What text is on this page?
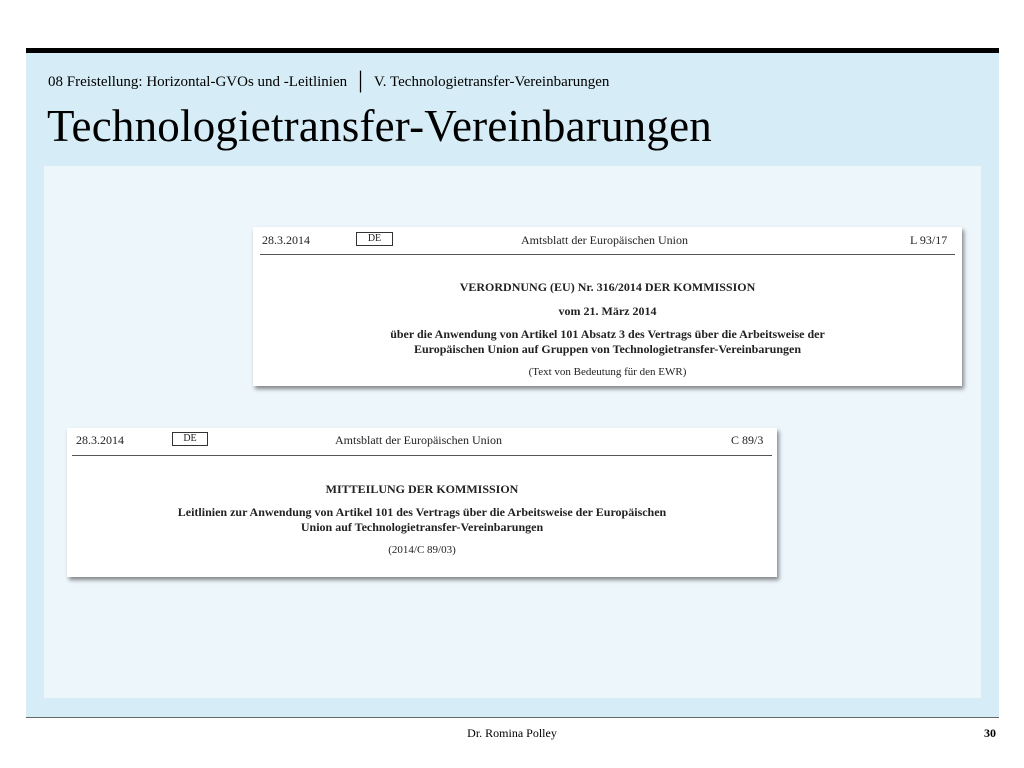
08 Freistellung: Horizontal-GVOs und -Leitlinien │ V. Technologietransfer-Vereinbarungen
Technologietransfer-Vereinbarungen
28.3.2014	DE	Amtsblatt der Europäischen Union	L 93/17
VERORDNUNG (EU) Nr. 316/2014 DER KOMMISSION
vom 21. März 2014
über die Anwendung von Artikel 101 Absatz 3 des Vertrags über die Arbeitsweise der
Europäischen Union auf Gruppen von Technologietransfer-Vereinbarungen
(Text von Bedeutung für den EWR)
28.3.2014	DE	Amtsblatt der Europäischen Union	C 89/3
MITTEILUNG DER KOMMISSION
Leitlinien zur Anwendung von Artikel 101 des Vertrags über die Arbeitsweise der Europäischen
Union auf Technologietransfer-Vereinbarungen
(2014/C 89/03)
Dr. Romina Polley	30
